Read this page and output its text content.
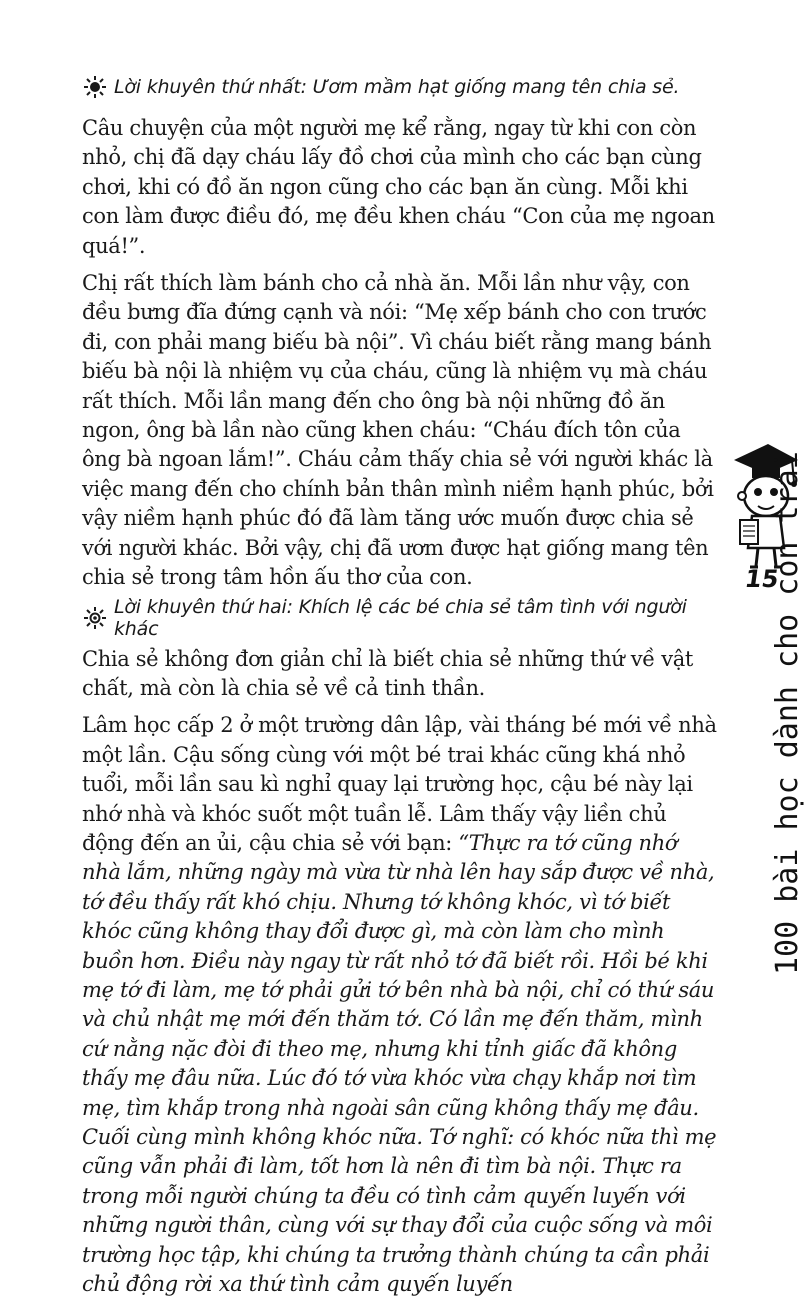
Lời khuyên thứ nhất: Ươm mầm hạt giống mang tên chia sẻ.

Câu chuyện của một người mẹ kể rằng, ngay từ khi con còn nhỏ, chị đã dạy cháu lấy đồ chơi của mình cho các bạn cùng chơi, khi có đồ ăn ngon cũng cho các bạn ăn cùng. Mỗi khi con làm được điều đó, mẹ đều khen cháu “Con của mẹ ngoan quá!”.

Chị rất thích làm bánh cho cả nhà ăn. Mỗi lần như vậy, con đều bưng đĩa đứng cạnh và nói: “Mẹ xếp bánh cho con trước đi, con phải mang biếu bà nội”. Vì cháu biết rằng mang bánh biếu bà nội là nhiệm vụ của cháu, cũng là nhiệm vụ mà cháu rất thích. Mỗi lần mang đến cho ông bà nội những đồ ăn ngon, ông bà lần nào cũng khen cháu: “Cháu đích tôn của ông bà ngoan lắm!”. Cháu cảm thấy chia sẻ với người khác là việc mang đến cho chính bản thân mình niềm hạnh phúc, bởi vậy niềm hạnh phúc đó đã làm tăng ước muốn được chia sẻ với người khác. Bởi vậy, chị đã ươm được hạt giống mang tên chia sẻ trong tâm hồn ấu thơ của con.

Lời khuyên thứ hai: Khích lệ các bé chia sẻ tâm tình với người khác

Chia sẻ không đơn giản chỉ là biết chia sẻ những thứ về vật chất, mà còn là chia sẻ về cả tinh thần.

Lâm học cấp 2 ở một trường dân lập, vài tháng bé mới về nhà một lần. Cậu sống cùng với một bé trai khác cũng khá nhỏ tuổi, mỗi lần sau kì nghỉ quay lại trường học, cậu bé này lại nhớ nhà và khóc suốt một tuần lễ. Lâm thấy vậy liền chủ động đến an ủi, cậu chia sẻ với bạn: “Thực ra tớ cũng nhớ nhà lắm, những ngày mà vừa từ nhà lên hay sắp được về nhà, tớ đều thấy rất khó chịu. Nhưng tớ không khóc, vì tớ biết khóc cũng không thay đổi được gì, mà còn làm cho mình buồn hơn. Điều này ngay từ rất nhỏ tớ đã biết rồi. Hồi bé khi mẹ tớ đi làm, mẹ tớ phải gửi tớ bên nhà bà nội, chỉ có thứ sáu và chủ nhật mẹ mới đến thăm tớ. Có lần mẹ đến thăm, mình cứ nằng nặc đòi đi theo mẹ, nhưng khi tỉnh giấc đã không thấy mẹ đâu nữa. Lúc đó tớ vừa khóc vừa chạy khắp nơi tìm mẹ, tìm khắp trong nhà ngoài sân cũng không thấy mẹ đâu. Cuối cùng mình không khóc nữa. Tớ nghĩ: có khóc nữa thì mẹ cũng vẫn phải đi làm, tốt hơn là nên đi tìm bà nội. Thực ra trong mỗi người chúng ta đều có tình cảm quyến luyến với những người thân, cùng với sự thay đổi của cuộc sống và môi trường học tập, khi chúng ta trưởng thành chúng ta cần phải chủ động rời xa thứ tình cảm quyến luyến

15
100 bài học dành cho con trai
